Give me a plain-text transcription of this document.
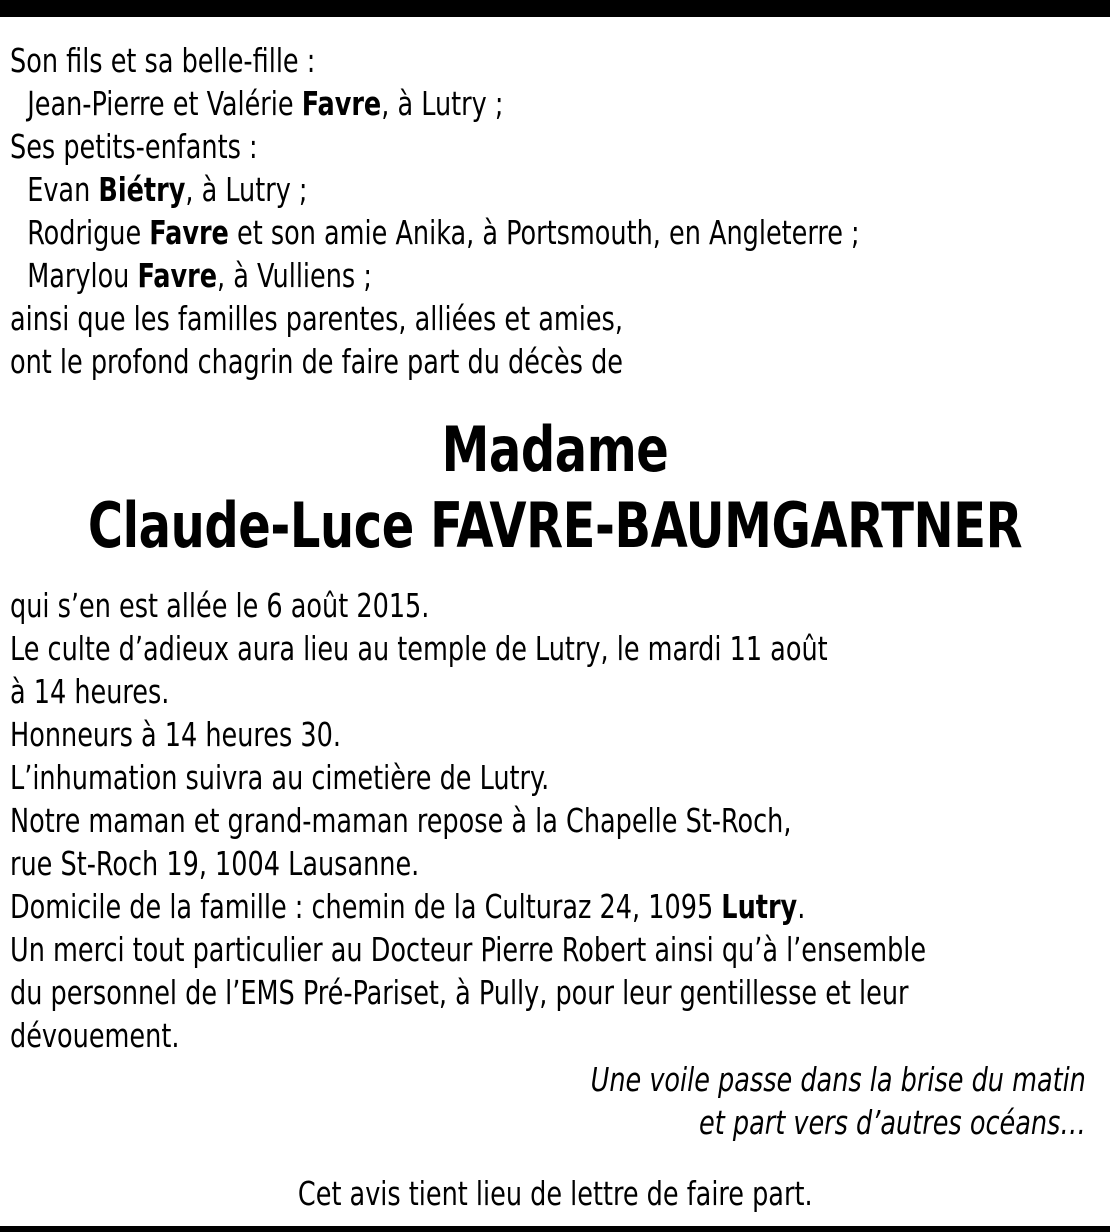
Son fils et sa belle-fille :
Jean-Pierre et Valérie Favre, à Lutry ;
Ses petits-enfants :
Evan Biétry, à Lutry ;
Rodrigue Favre et son amie Anika, à Portsmouth, en Angleterre ;
Marylou Favre, à Vulliens ;
ainsi que les familles parentes, alliées et amies,
ont le profond chagrin de faire part du décès de
Madame
Claude-Luce FAVRE-BAUMGARTNER
qui s’en est allée le 6 août 2015.
Le culte d’adieux aura lieu au temple de Lutry, le mardi 11 août
à 14 heures.
Honneurs à 14 heures 30.
L’inhumation suivra au cimetière de Lutry.
Notre maman et grand-maman repose à la Chapelle St-Roch,
rue St-Roch 19, 1004 Lausanne.
Domicile de la famille : chemin de la Culturaz 24, 1095 Lutry.
Un merci tout particulier au Docteur Pierre Robert ainsi qu’à l’ensemble
du personnel de l’EMS Pré-Pariset, à Pully, pour leur gentillesse et leur
dévouement.
Une voile passe dans la brise du matin
et part vers d’autres océans…
Cet avis tient lieu de lettre de faire part.
